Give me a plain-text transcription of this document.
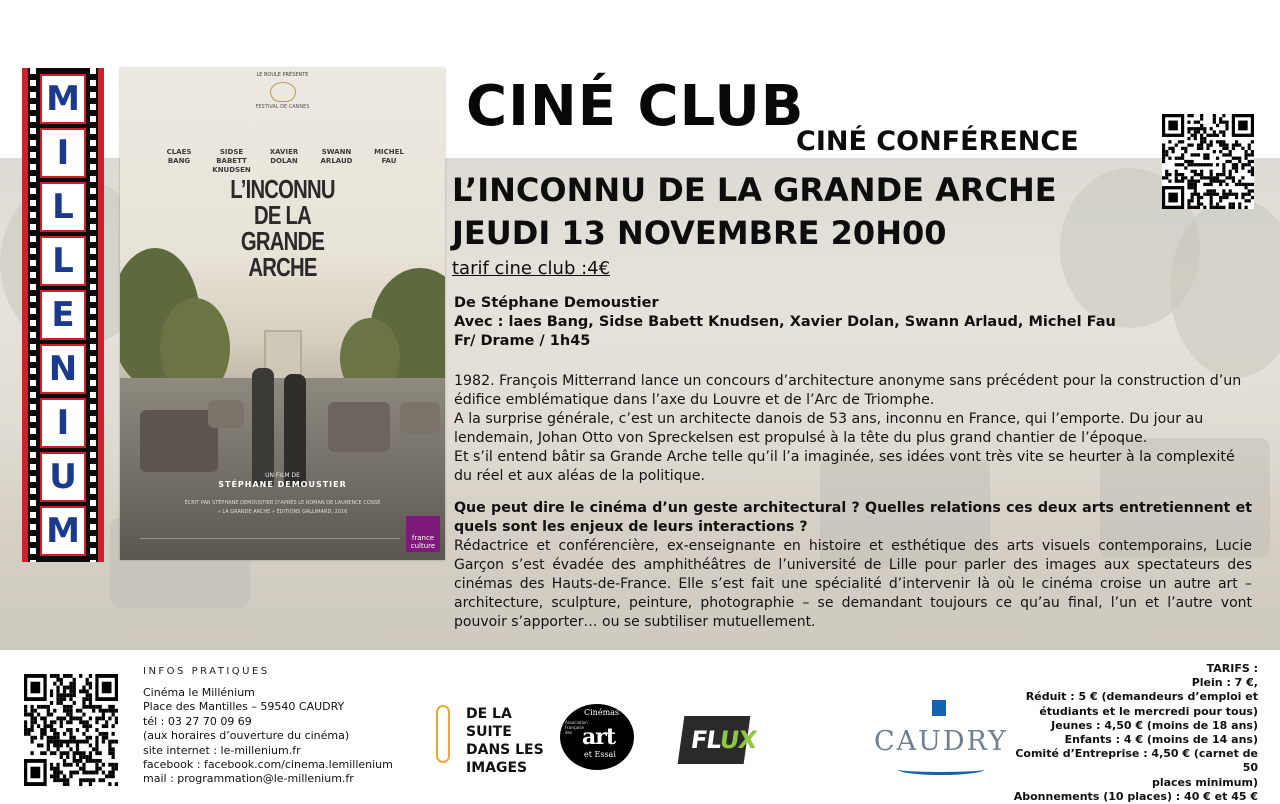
M
I
L
L
E
N
I
U
M
LE BOULE PRÉSENTE
FESTIVAL DE CANNES
CLAES
BANG
SIDSE BABETT
KNUDSEN
XAVIER
DOLAN
SWANN
ARLAUD
MICHEL
FAU
L’INCONNU
DE LA
GRANDE
ARCHE
UN FILM DE
STÉPHANE DEMOUSTIER
ÉCRIT PAR STÉPHANE DEMOUSTIER D’APRÈS LE ROMAN DE LAURENCE COSSÉ
« LA GRANDE ARCHE » ÉDITIONS GALLIMARD, 2016
france culture
CINÉ CLUB
CINÉ CONFÉRENCE
L’INCONNU DE LA GRANDE ARCHE
JEUDI 13 NOVEMBRE 20H00
tarif cine club :4€
De Stéphane Demoustier
Avec : laes Bang, Sidse Babett Knudsen, Xavier Dolan, Swann Arlaud, Michel Fau
Fr/ Drame / 1h45
1982. François Mitterrand lance un concours d’architecture anonyme sans précédent pour la construction d’un édifice emblématique dans l’axe du Louvre et de l’Arc de Triomphe.
A la surprise générale, c’est un architecte danois de 53 ans, inconnu en France, qui l’emporte. Du jour au lendemain, Johan Otto von Spreckelsen est propulsé à la tête du plus grand chantier de l’époque.
Et s’il entend bâtir sa Grande Arche telle qu’il l’a imaginée, ses idées vont très vite se heurter à la complexité du réel et aux aléas de la politique.
Que peut dire le cinéma d’un geste architectural ? Quelles relations ces deux arts entretiennent et quels sont les enjeux de leurs interactions ?
Rédactrice et conférencière, ex-enseignante en histoire et esthétique des arts visuels contemporains, Lucie Garçon s’est évadée des amphithéâtres de l’université de Lille pour parler des images aux spectateurs des cinémas des Hauts-de-France. Elle s’est fait une spécialité d’intervenir là où le cinéma croise un autre art – architecture, sculpture, peinture, photographie – se demandant toujours ce qu’au final, l’un et l’autre vont pouvoir s’apporter… ou se subtiliser mutuellement.
INFOS PRATIQUES
Cinéma le Millénium
Place des Mantilles – 59540 CAUDRY
tél : 03 27 70 09 69
(aux horaires d’ouverture du cinéma)
site internet : le-millenium.fr
facebook : facebook.com/cinema.lemillenium
mail : programmation@le-millenium.fr
DE LA SUITE
DANS LES
IMAGES
Association Française des
Cinémas
art
et Essai
FLUX	CAUDRY
TARIFS :
Plein : 7 €,
Réduit : 5 € (demandeurs d’emploi et
étudiants et le mercredi pour tous)
Jeunes : 4,50 € (moins de 18 ans)
Enfants : 4 € (moins de 14 ans)
Comité d’Entreprise : 4,50 € (carnet de 50
places minimum)
Abonnements (10 places) : 40 € et 45 €
